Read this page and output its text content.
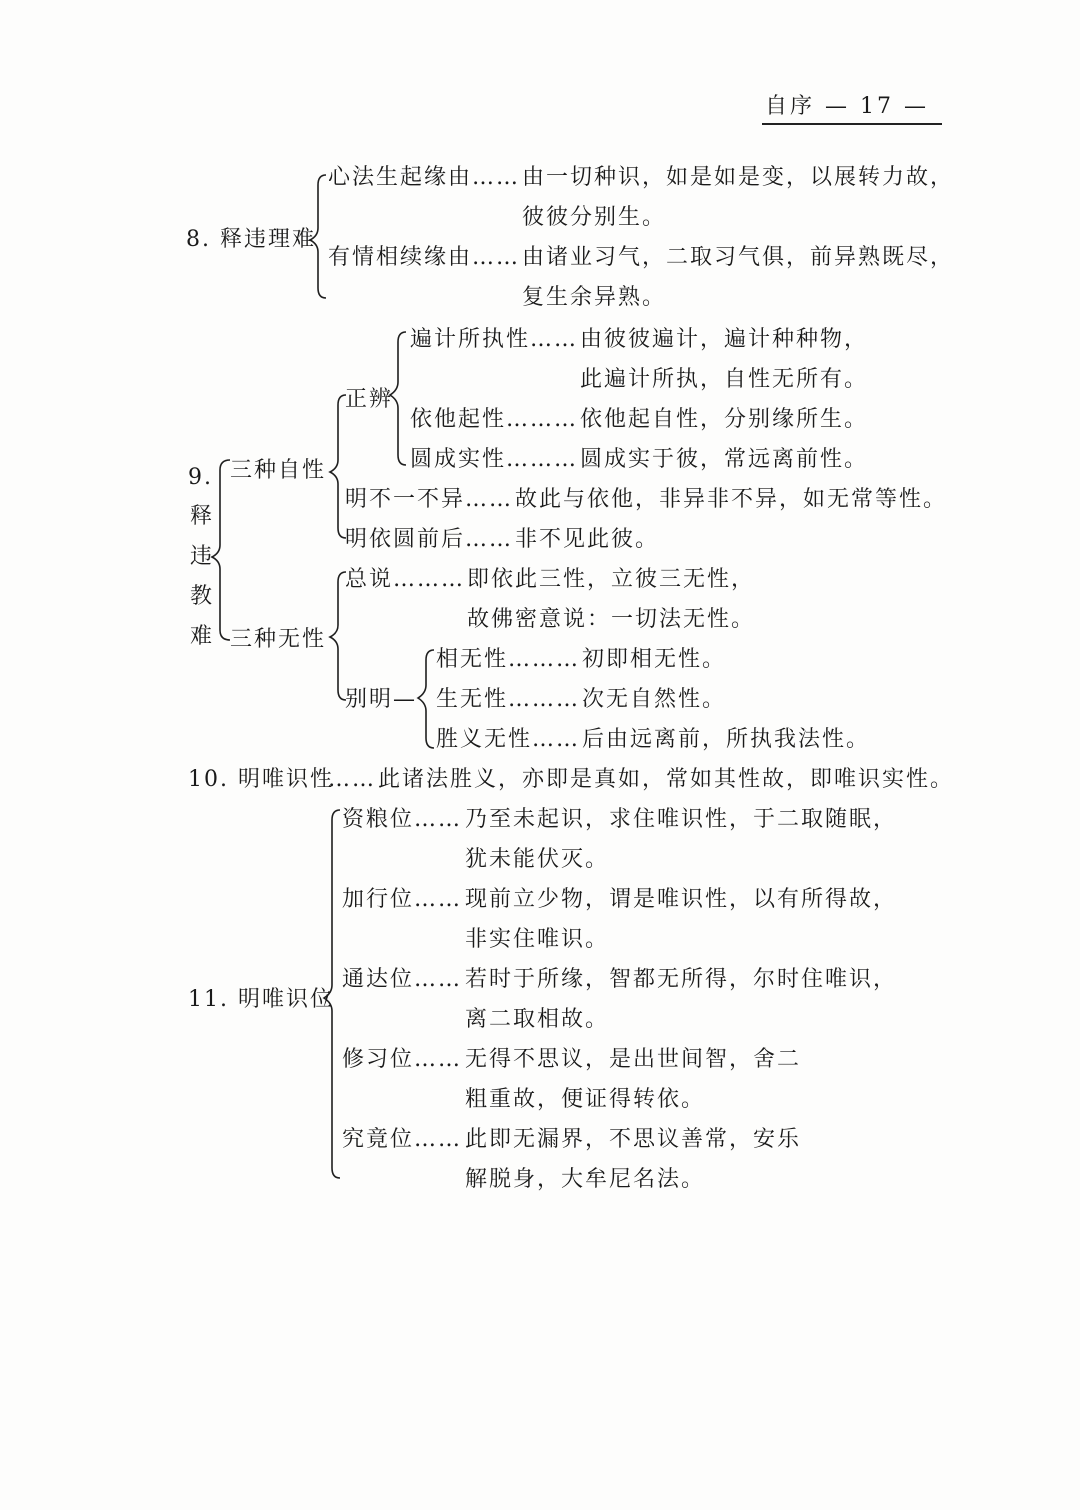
自序 — 17 —
8. 释违理难
心法生起缘由…… 由一切种识，如是如是变，以展转力故，
彼彼分别生。
有情相续缘由…… 由诸业习气，二取习气俱，前异熟既尽，
复生余异熟。
9.
释
违
教
难
三种自性
正辨
遍计所执性…… 由彼彼遍计，遍计种种物，
此遍计所执，自性无所有。
依他起性……… 依他起自性，分别缘所生。
圆成实性……… 圆成实于彼，常远离前性。
明不一不异…… 故此与依他，非异非不异，如无常等性。
明依圆前后…… 非不见此彼。
三种无性
总说……… 即依此三性，立彼三无性，
故佛密意说：一切法无性。
别明—
相无性……… 初即相无性。
生无性……… 次无自然性。
胜义无性…… 后由远离前，所执我法性。
10. 明唯识性
…… 此诸法胜义，亦即是真如，常如其性故，即唯识实性。
11. 明唯识位
资粮位…… 乃至未起识，求住唯识性，于二取随眠，
犹未能伏灭。
加行位…… 现前立少物，谓是唯识性，以有所得故，
非实住唯识。
通达位…… 若时于所缘，智都无所得，尔时住唯识，
离二取相故。
修习位…… 无得不思议，是出世间智，舍二
粗重故，便证得转依。
究竟位…… 此即无漏界，不思议善常，安乐
解脱身，大牟尼名法。
